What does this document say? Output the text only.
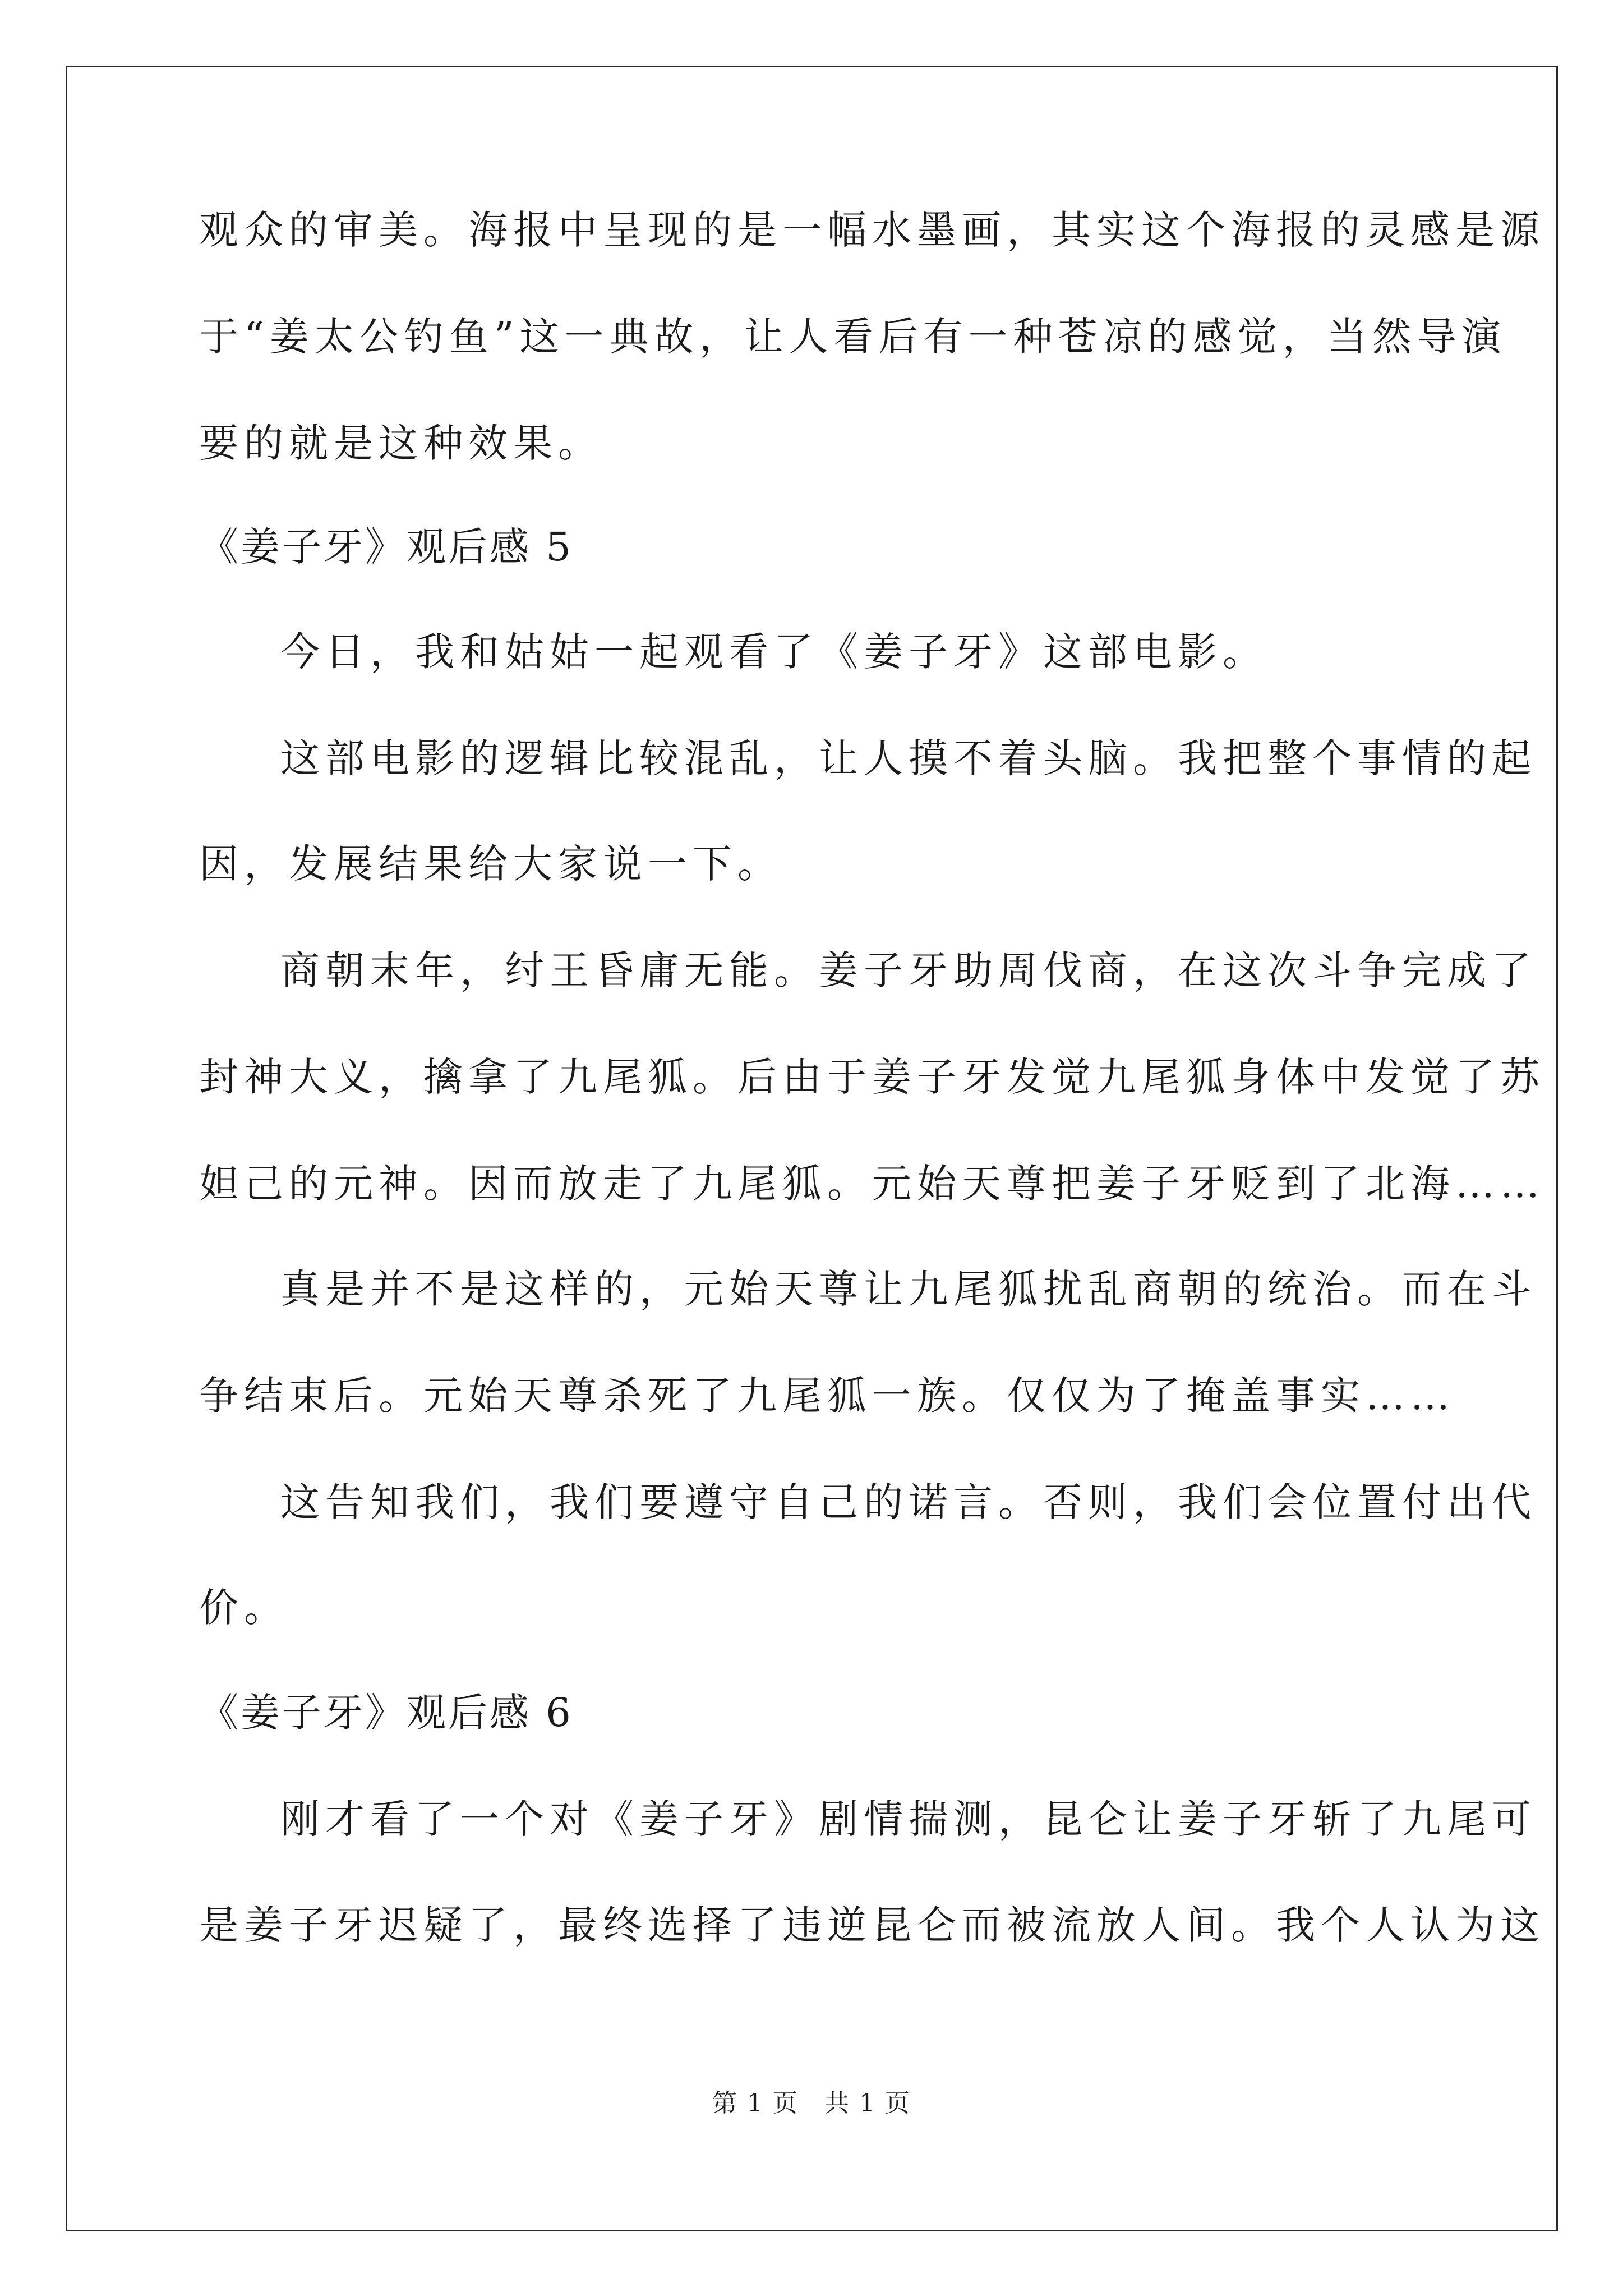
观众的审美。海报中呈现的是一幅水墨画，其实这个海报的灵感是源
于“姜太公钓鱼”这一典故，让人看后有一种苍凉的感觉，当然导演
要的就是这种效果。
《姜子牙》观后感 5
今日，我和姑姑一起观看了《姜子牙》这部电影。
这部电影的逻辑比较混乱，让人摸不着头脑。我把整个事情的起
因，发展结果给大家说一下。
商朝末年，纣王昏庸无能。姜子牙助周伐商，在这次斗争完成了
封神大义，擒拿了九尾狐。后由于姜子牙发觉九尾狐身体中发觉了苏
妲己的元神。因而放走了九尾狐。元始天尊把姜子牙贬到了北海……
真是并不是这样的，元始天尊让九尾狐扰乱商朝的统治。而在斗
争结束后。元始天尊杀死了九尾狐一族。仅仅为了掩盖事实……
这告知我们，我们要遵守自己的诺言。否则，我们会位置付出代
价。
《姜子牙》观后感 6
刚才看了一个对《姜子牙》剧情揣测，昆仑让姜子牙斩了九尾可
是姜子牙迟疑了，最终选择了违逆昆仑而被流放人间。我个人认为这
第 1 页　共 1 页
